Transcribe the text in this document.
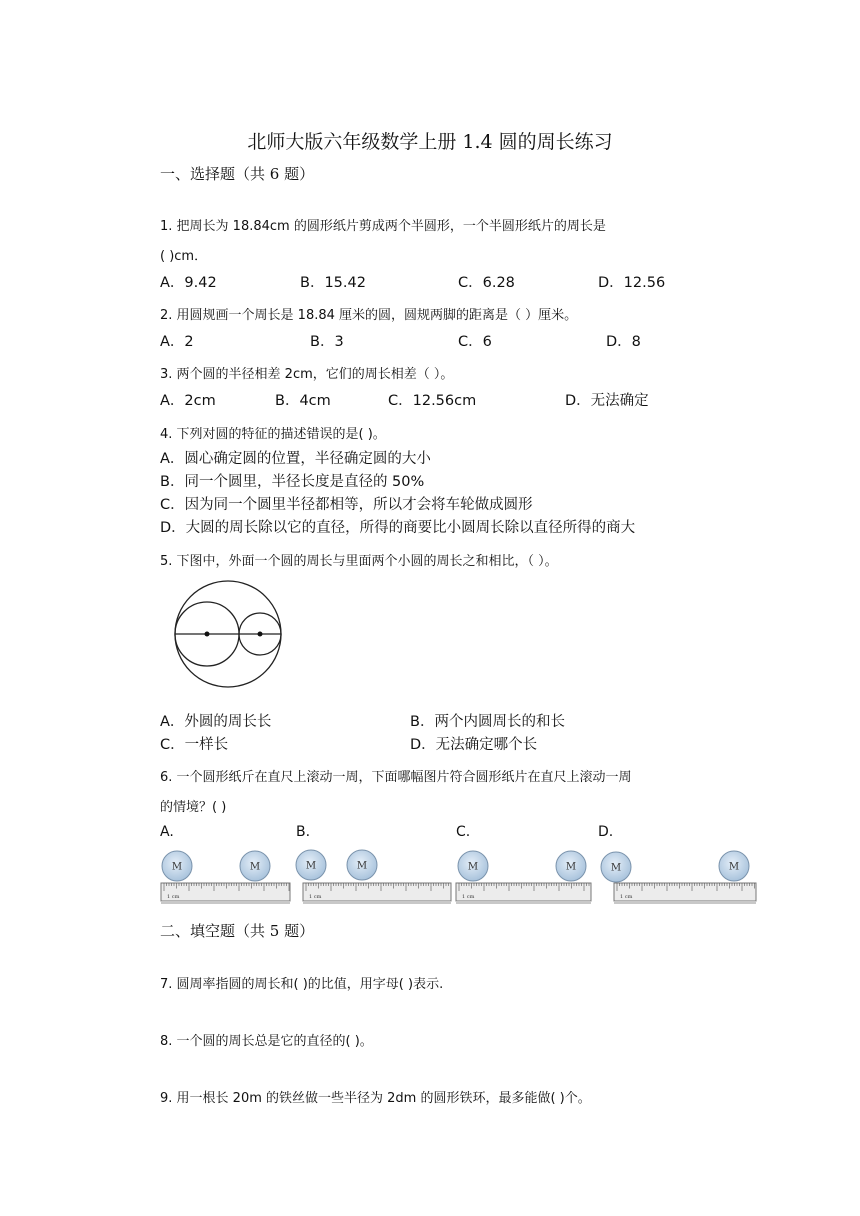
北师大版六年级数学上册 1.4 圆的周长练习
一、选择题（共 6 题）
1. 把周长为 18.84cm 的圆形纸片剪成两个半圆形，一个半圆形纸片的周长是
( )cm．
A．9.42	B．15.42	C．6.28	D．12.56
2. 用圆规画一个周长是 18.84 厘米的圆，圆规两脚的距离是（ ）厘米。
A．2	B．3	C．6	D．8
3. 两个圆的半径相差 2cm，它们的周长相差（ ）。
A．2cm	B．4cm	C．12.56cm	D．无法确定
4. 下列对圆的特征的描述错误的是( )。
A．圆心确定圆的位置，半径确定圆的大小
B．同一个圆里，半径长度是直径的 50%
C．因为同一个圆里半径都相等，所以才会将车轮做成圆形
D．大圆的周长除以它的直径，所得的商要比小圆周长除以直径所得的商大
5. 下图中，外面一个圆的周长与里面两个小圆的周长之和相比，（ ）。
A．外圆的周长长	B．两个内圆周长的和长
C．一样长	D．无法确定哪个长
6. 一个圆形纸斤在直尺上滚动一周，下面哪幅图片符合圆形纸片在直尺上滚动一周
的情境？( )
A.	B.	C.	D.
1 cm	1 cm	1 cm	1 cm
M	M	M	M	M	M	M	M
二、填空题（共 5 题）
7. 圆周率指圆的周长和( )的比值，用字母( )表示.
8. 一个圆的周长总是它的直径的( )。
9. 用一根长 20m 的铁丝做一些半径为 2dm 的圆形铁环，最多能做( )个。
